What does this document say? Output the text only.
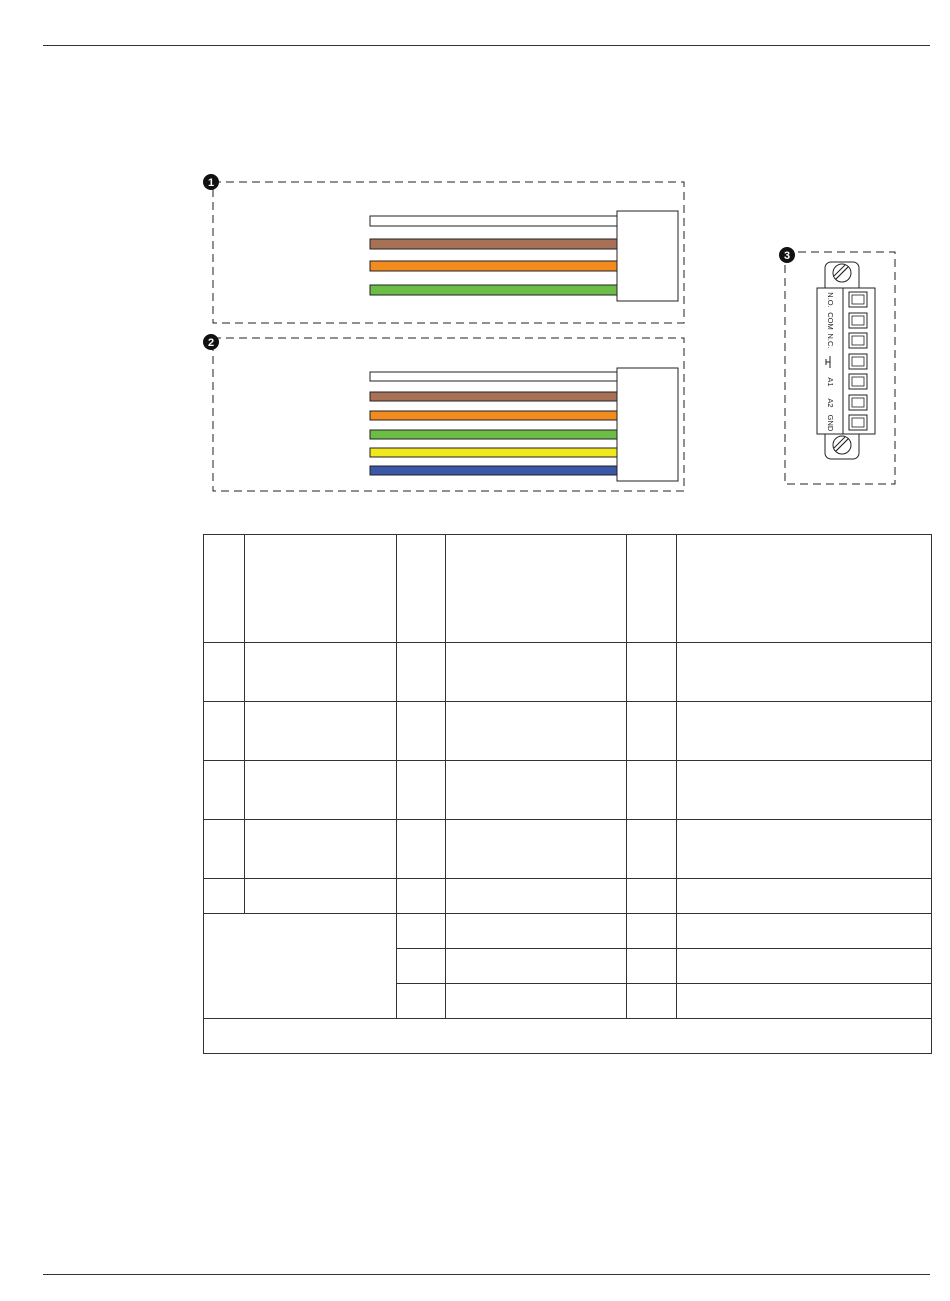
1
2
3
N.O.
COM
N.C.
A1
A2
GND
